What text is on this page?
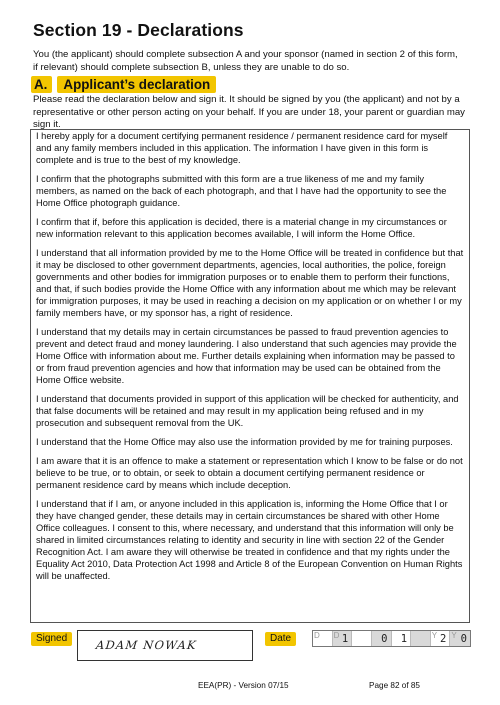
Section 19 - Declarations
You (the applicant) should complete subsection A and your sponsor (named in section 2 of this form, if relevant) should complete subsection B, unless they are unable to do so.
A.	Applicant’s declaration
Please read the declaration below and sign it. It should be signed by you (the applicant) and not by a representative or other person acting on your behalf. If you are under 18, your parent or guardian may sign it.

I hereby apply for a document certifying permanent residence / permanent residence card for myself and any family members included in this application. The information I have given in this form is complete and is true to the best of my knowledge.

I confirm that the photographs submitted with this form are a true likeness of me and my family members, as named on the back of each photograph, and that I have had the opportunity to see the Home Office photograph guidance.

I confirm that if, before this application is decided, there is a material change in my circumstances or new information relevant to this application becomes available, I will inform the Home Office.

I understand that all information provided by me to the Home Office will be treated in confidence but that it may be disclosed to other government departments, agencies, local authorities, the police, foreign governments and other bodies for immigration purposes or to enable them to perform their functions, and that, if such bodies provide the Home Office with any information about me which may be relevant for immigration purposes, it may be used in reaching a decision on my application or on whether I or my family members have, or my sponsor has, a right of residence.

I understand that my details may in certain circumstances be passed to fraud prevention agencies to prevent and detect fraud and money laundering. I also understand that such agencies may provide the Home Office with information about me. Further details explaining when information may be passed to or from fraud prevention agencies and how that information may be used can be obtained from the Home Office website.

I understand that documents provided in support of this application will be checked for authenticity, and that false documents will be retained and may result in my application being refused and in my prosecution and subsequent removal from the UK.

I understand that the Home Office may also use the information provided by me for training purposes.

I am aware that it is an offence to make a statement or representation which I know to be false or do not believe to be true, or to obtain, or seek to obtain a document certifying permanent residence or permanent residence card by means which include deception.

I understand that if I am, or anyone included in this application is, informing the Home Office that I or they have changed gender, these details may in certain circumstances be shared with other Home Office colleagues. I consent to this, where necessary, and understand that this information will only be shared in limited circumstances relating to identity and security in line with section 22 of the Gender Recognition Act. I am aware they will otherwise be treated in confidence and that my rights under the Equality Act 2010, Data Protection Act 1998 and Article 8 of the European Convention on Human Rights will be unaffected.

Signed	ADAM NOWAK	Date	D D 1	0 1	Y 2 Y 0
EEA(PR) - Version 07/15	Page 82 of 85
